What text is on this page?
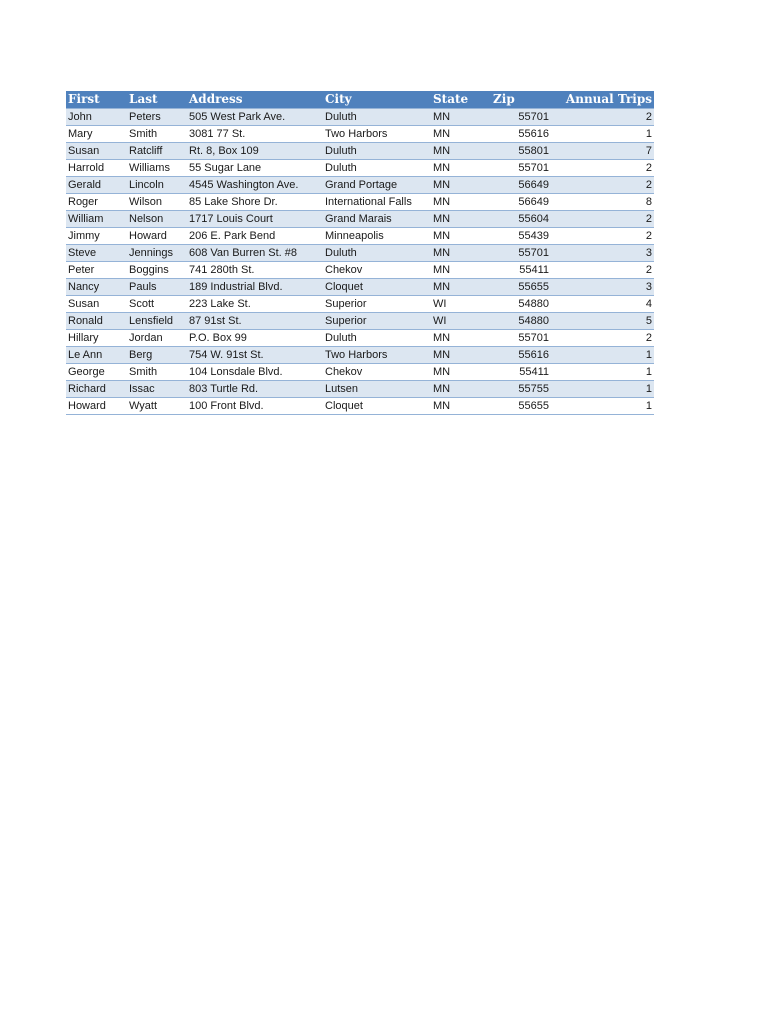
First	Last	Address	City	State	Zip	Annual Trips
John	Peters	505 West Park Ave.	Duluth	MN	55701	2
Mary	Smith	3081 77 St.	Two Harbors	MN	55616	1
Susan	Ratcliff	Rt. 8, Box 109	Duluth	MN	55801	7
Harrold	Williams	55 Sugar Lane	Duluth	MN	55701	2
Gerald	Lincoln	4545 Washington Ave.	Grand Portage	MN	56649	2
Roger	Wilson	85 Lake Shore Dr.	International Falls	MN	56649	8
William	Nelson	1717 Louis Court	Grand Marais	MN	55604	2
Jimmy	Howard	206 E. Park Bend	Minneapolis	MN	55439	2
Steve	Jennings	608 Van Burren St. #8	Duluth	MN	55701	3
Peter	Boggins	741 280th St.	Chekov	MN	55411	2
Nancy	Pauls	189 Industrial Blvd.	Cloquet	MN	55655	3
Susan	Scott	223 Lake St.	Superior	WI	54880	4
Ronald	Lensfield	87 91st St.	Superior	WI	54880	5
Hillary	Jordan	P.O. Box 99	Duluth	MN	55701	2
Le Ann	Berg	754 W. 91st St.	Two Harbors	MN	55616	1
George	Smith	104 Lonsdale Blvd.	Chekov	MN	55411	1
Richard	Issac	803 Turtle Rd.	Lutsen	MN	55755	1
Howard	Wyatt	100 Front Blvd.	Cloquet	MN	55655	1
